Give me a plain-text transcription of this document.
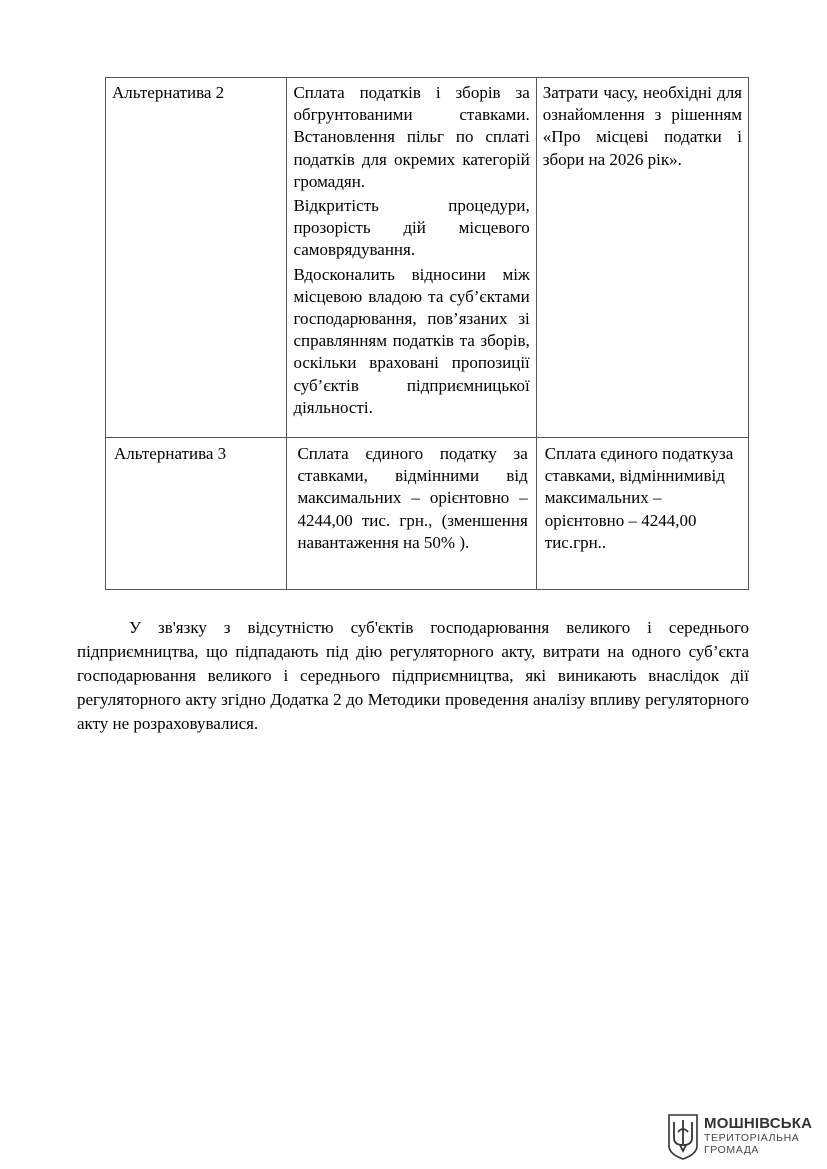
Альтернатива 2	Сплата податків і зборів за обгрунтованими ставками. Встановлення пільг по сплаті податків для окремих категорій громадян.

Відкритість процедури, прозорість дій місцевого самоврядування.

Вдосконалить відносини між місцевою владою та суб’єктами господарювання, пов’язаних зі справлянням податків та зборів, оскільки враховані пропозиції суб’єктів підприємницької діяльності.	Затрати часу, необхідні для ознайомлення з рішенням «Про місцеві податки і збори на 2026 рік».
Альтернатива 3	Сплата єдиного податку за ставками, відмінними від максимальних – орієнтовно – 4244,00 тис. грн., (зменшення навантаження на 50% ).	Сплата єдиного податкуза ставками, відміннимивід максимальних – орієнтовно – 4244,00 тис.грн..

У зв'язку з відсутністю суб'єктів господарювання великого і середнього підприємництва, що підпадають під дію регуляторного акту, витрати на одного суб’єкта господарювання великого і середнього підприємництва, які виникають внаслідок дії регуляторного акту згідно Додатка 2 до Методики проведення аналізу впливу регуляторного акту не розраховувалися.

МОШНІВСЬКА
ТЕРИТОРІАЛЬНА
ГРОМАДА
